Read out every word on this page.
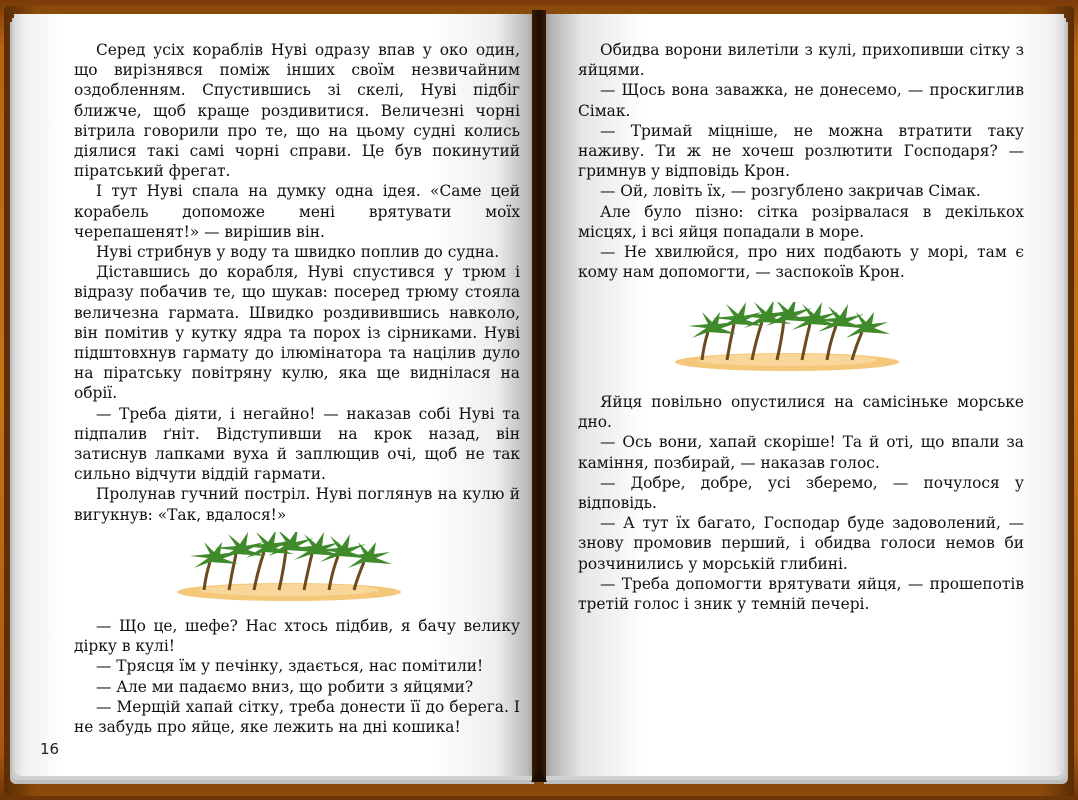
Серед усіх кораблів Нуві одразу впав у око один, що вирізнявся поміж інших своїм незвичайним оздобленням. Спустившись зі скелі, Нуві підбіг ближче, щоб краще роздивитися. Величезні чорні вітрила говорили про те, що на цьому судні колись діялися такі самі чорні справи. Це був покинутий піратський фрегат.

І тут Нуві спала на думку одна ідея. «Саме цей корабель допоможе мені врятувати моїх черепашенят!» — вирішив він.

Нуві стрибнув у воду та швидко поплив до судна.

Діставшись до корабля, Нуві спустився у трюм і відразу побачив те, що шукав: посеред трюму стояла величезна гармата. Швидко роздивившись навколо, він помітив у кутку ядра та порох із сірниками. Нуві підштовхнув гармату до ілюмінатора та націлив дуло на піратську повітряну кулю, яка ще виднілася на обрії.

— Треба діяти, і негайно! — наказав собі Нуві та підпалив ґніт. Відступивши на крок назад, він затиснув лапками вуха й заплющив очі, щоб не так сильно відчути віддій гармати.

Пролунав гучний постріл. Нуві поглянув на кулю й вигукнув: «Так, вдалося!»

— Що це, шефе? Нас хтось підбив, я бачу велику дірку в кулі!

— Трясця їм у печінку, здається, нас помітили!

— Але ми падаємо вниз, що робити з яйцями?

— Мерщій хапай сітку, треба донести її до берега. І не забудь про яйце, яке лежить на дні кошика!

16

Обидва ворони вилетіли з кулі, прихопивши сітку з яйцями.

— Щось вона заважка, не донесемо, — проскиглив Сімак.

— Тримай міцніше, не можна втратити таку наживу. Ти ж не хочеш розлютити Господаря? — гримнув у відповідь Крон.

— Ой, ловіть їх, — розгублено закричав Сімак.

Але було пізно: сітка розірвалася в декількох місцях, і всі яйця попадали в море.

— Не хвилюйся, про них подбають у морі, там є кому нам допомогти, — заспокоїв Крон.

Яйця повільно опустилися на самісіньке морське дно.

— Ось вони, хапай скоріше! Та й оті, що впали за каміння, позбирай, — наказав голос.

— Добре, добре, усі зберемо, — почулося у відповідь.

— А тут їх багато, Господар буде задоволений, — знову промовив перший, і обидва голоси немов би розчинились у морській глибині.

— Треба допомогти врятувати яйця, — прошепотів третій голос і зник у темній печері.
